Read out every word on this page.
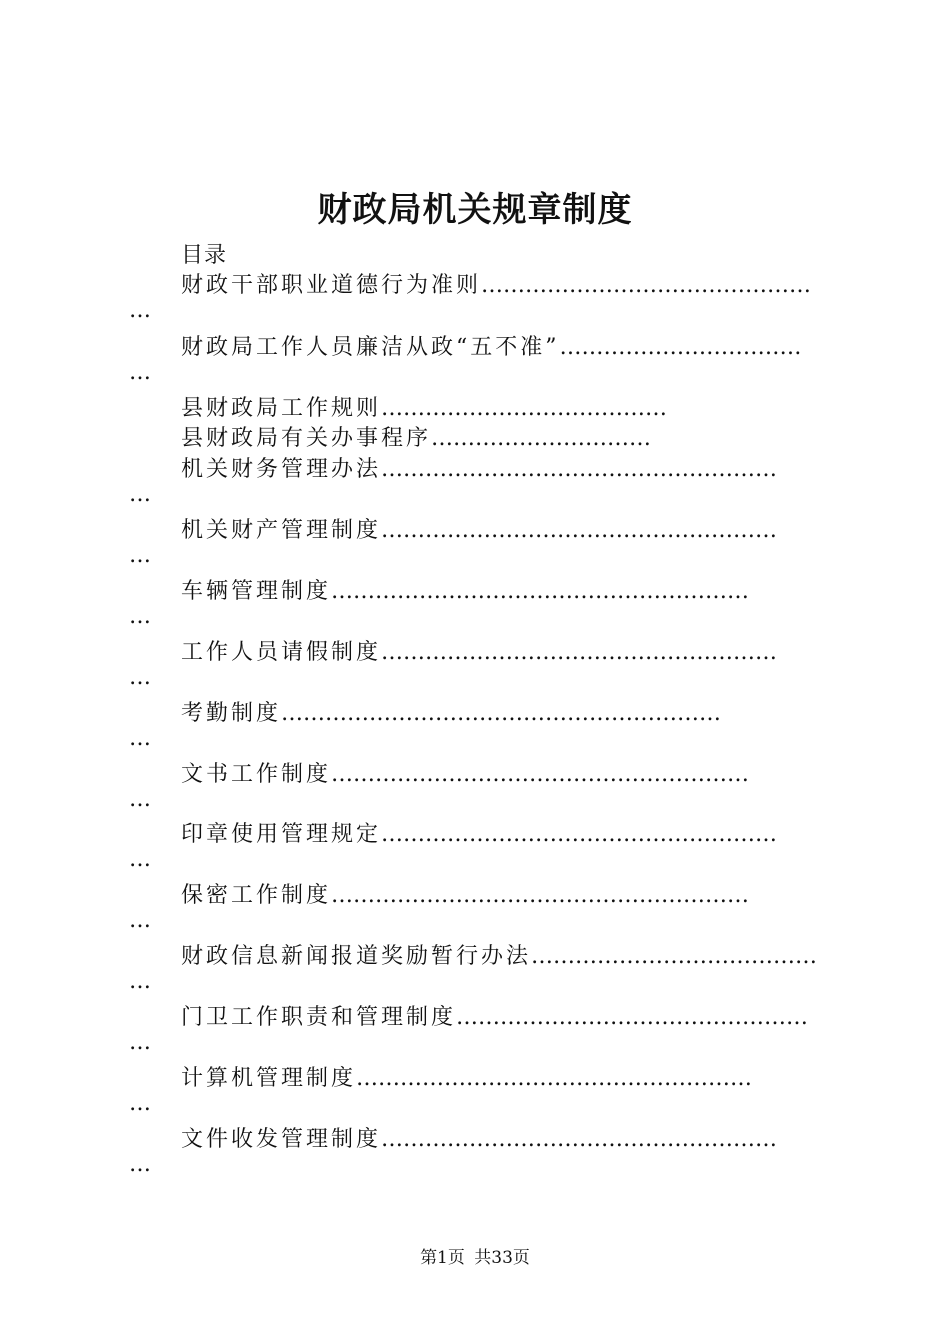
财政局机关规章制度
目录
财政干部职业道德行为准则………………………………………
…
财政局工作人员廉洁从政“五不准”……………………………
…
县财政局工作规则…………………………………
县财政局有关办事程序…………………………
机关财务管理办法………………………………………………
…
机关财产管理制度………………………………………………
…
车辆管理制度…………………………………………………
…
工作人员请假制度………………………………………………
…
考勤制度……………………………………………………
…
文书工作制度…………………………………………………
…
印章使用管理规定………………………………………………
…
保密工作制度…………………………………………………
…
财政信息新闻报道奖励暂行办法…………………………………
…
门卫工作职责和管理制度…………………………………………
…
计算机管理制度………………………………………………
…
文件收发管理制度………………………………………………
…
第1页 共33页
